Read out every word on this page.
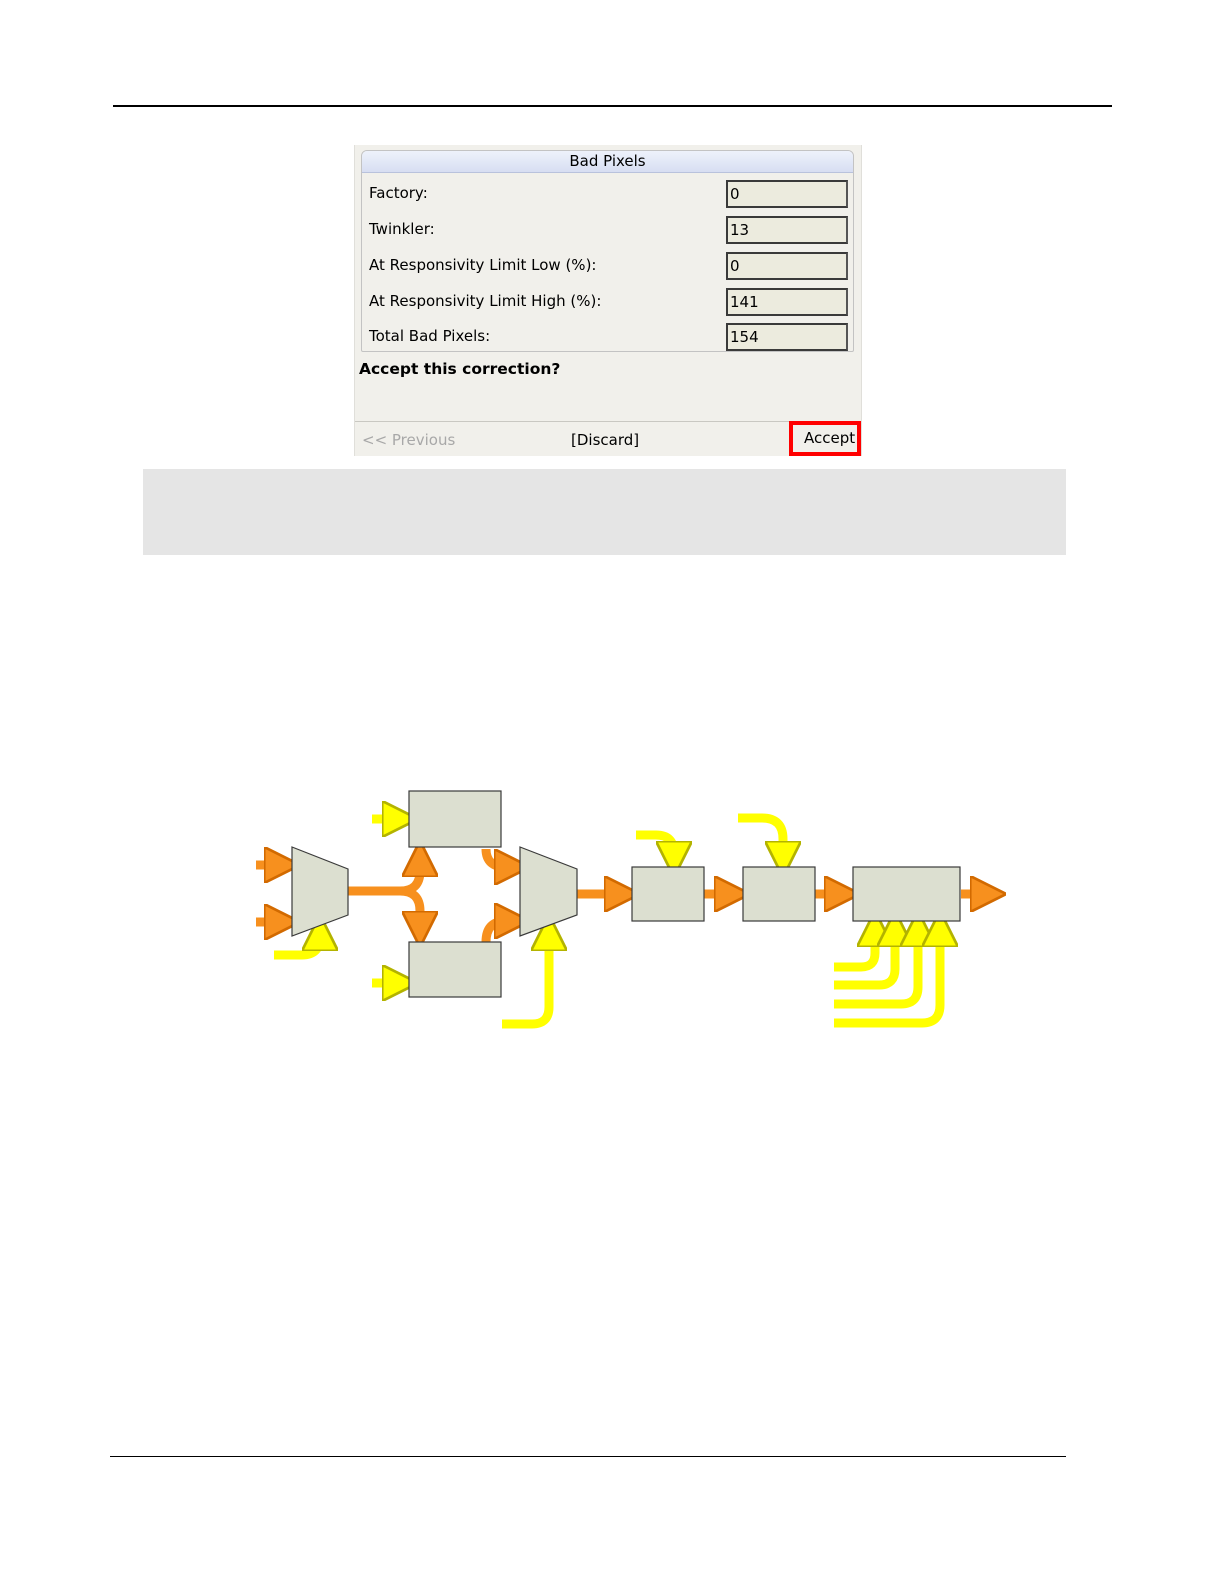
Bad Pixels
Factory:	0
Twinkler:	13
At Responsivity Limit Low (%):	0
At Responsivity Limit High (%):	141
Total Bad Pixels:	154
Accept this correction?
<< Previous	[Discard]	Accept
